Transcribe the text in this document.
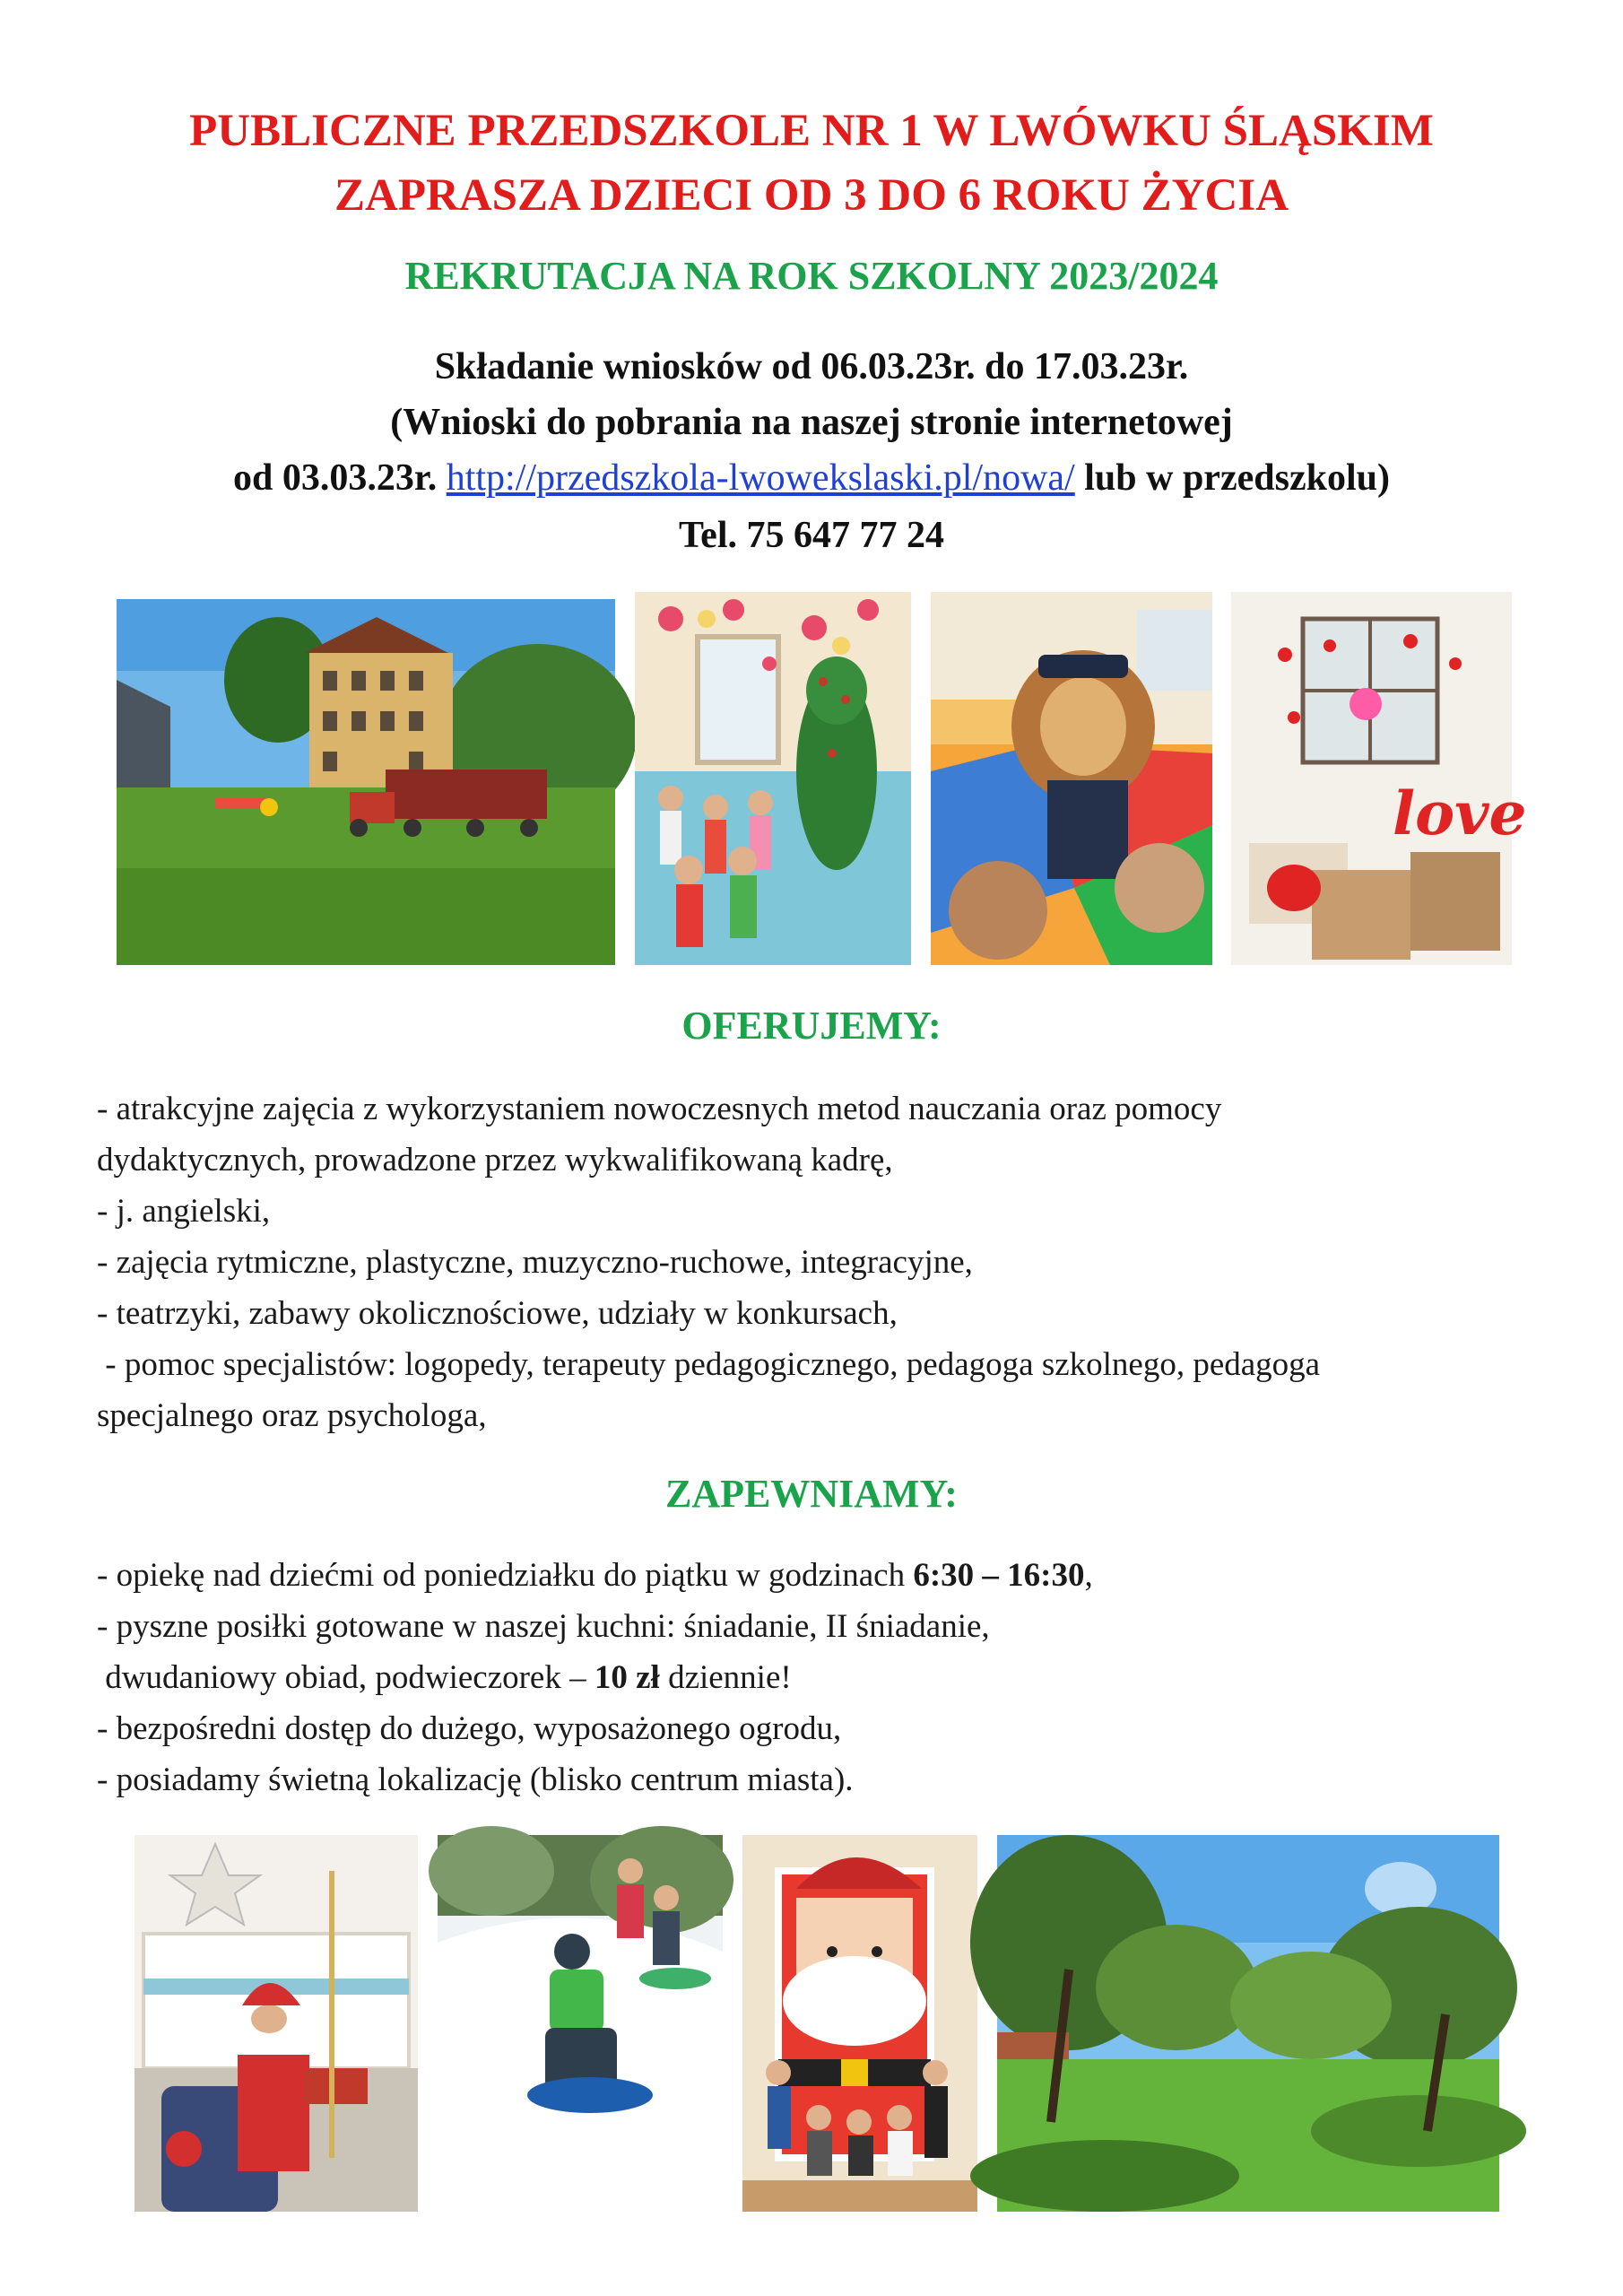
PUBLICZNE PRZEDSZKOLE NR 1 W LWÓWKU ŚLĄSKIM
ZAPRASZA DZIECI OD 3 DO 6 ROKU ŻYCIA
REKRUTACJA NA ROK SZKOLNY 2023/2024
Składanie wniosków od 06.03.23r. do 17.03.23r.
(Wnioski do pobrania na naszej stronie internetowej
od 03.03.23r. http://przedszkola-lwowekslaski.pl/nowa/ lub w przedszkolu)
Tel. 75 647 77 24
love
OFERUJEMY:
- atrakcyjne zajęcia z wykorzystaniem nowoczesnych metod nauczania oraz pomocy
dydaktycznych, prowadzone przez wykwalifikowaną kadrę,
- j. angielski,
- zajęcia rytmiczne, plastyczne, muzyczno-ruchowe, integracyjne,
- teatrzyki, zabawy okolicznościowe, udziały w konkursach,
- pomoc specjalistów: logopedy, terapeuty pedagogicznego, pedagoga szkolnego, pedagoga
specjalnego oraz psychologa,
ZAPEWNIAMY:
- opiekę nad dziećmi od poniedziałku do piątku w godzinach 6:30 – 16:30,
- pyszne posiłki gotowane w naszej kuchni: śniadanie, II śniadanie,
dwudaniowy obiad, podwieczorek – 10 zł dziennie!
- bezpośredni dostęp do dużego, wyposażonego ogrodu,
- posiadamy świetną lokalizację (blisko centrum miasta).
